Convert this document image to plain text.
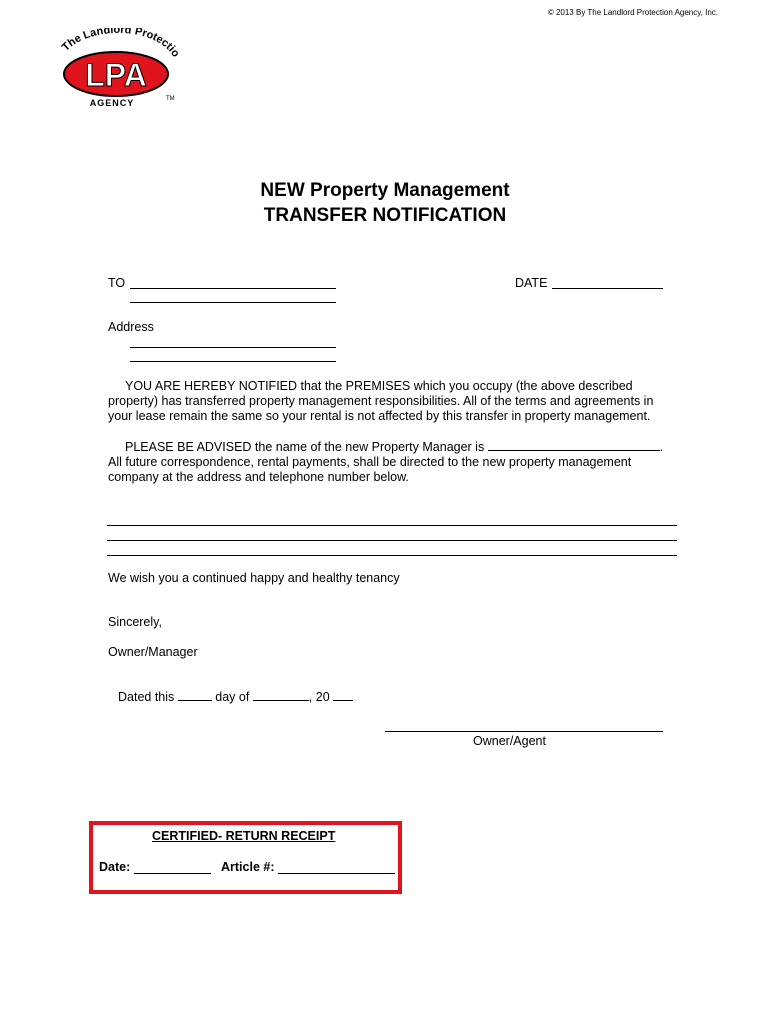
© 2013 By The Landlord Protection Agency, Inc.
The Landlord Protectio
LPA
AGENCY	TM
NEW Property Management
TRANSFER NOTIFICATION
TO	DATE
Address
YOU ARE HEREBY NOTIFIED that the PREMISES which you occupy (the above described property) has transferred property management responsibilities. All of the terms and agreements in your lease remain the same so your rental is not affected by this transfer in property management.
PLEASE BE ADVISED the name of the new Property Manager is	.
All future correspondence, rental payments, shall be directed to the new property management company at the address and telephone number below.
We wish you a continued happy and healthy tenancy
Sincerely,
Owner/Manager
Dated this	day of	, 20
Owner/Agent
CERTIFIED- RETURN RECEIPT
Date:	Article #:
